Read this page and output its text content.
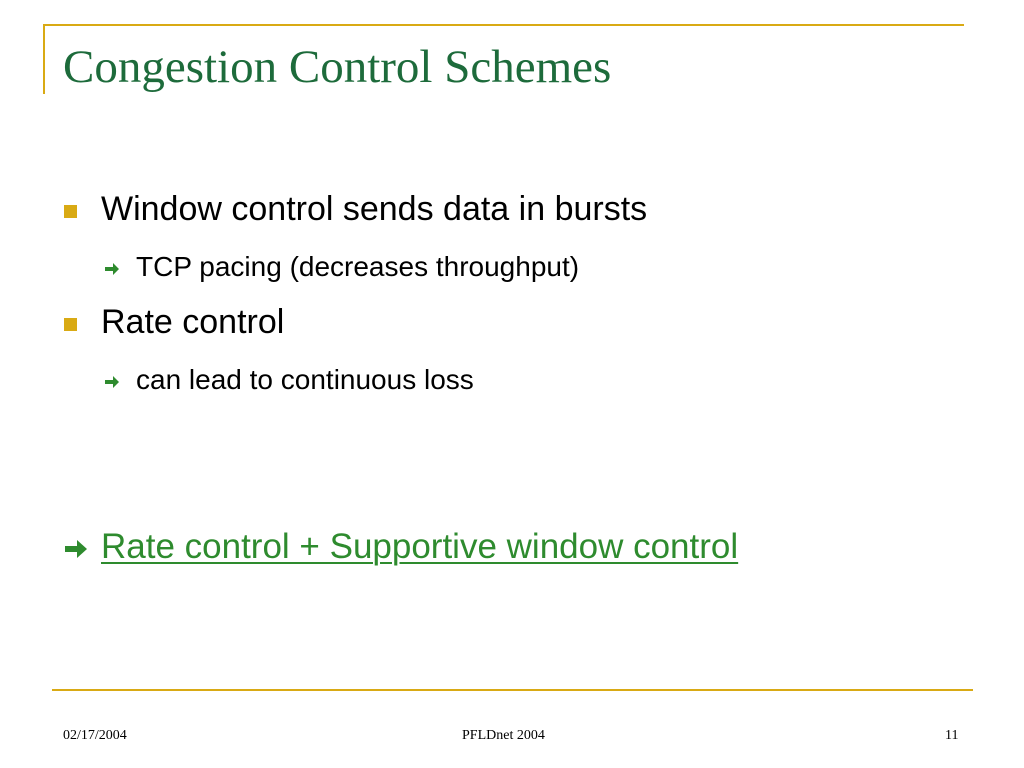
Congestion Control Schemes
Window control sends data in bursts
TCP pacing (decreases throughput)
Rate control
can lead to continuous loss
Rate control + Supportive window control
02/17/2004	PFLDnet 2004	11
